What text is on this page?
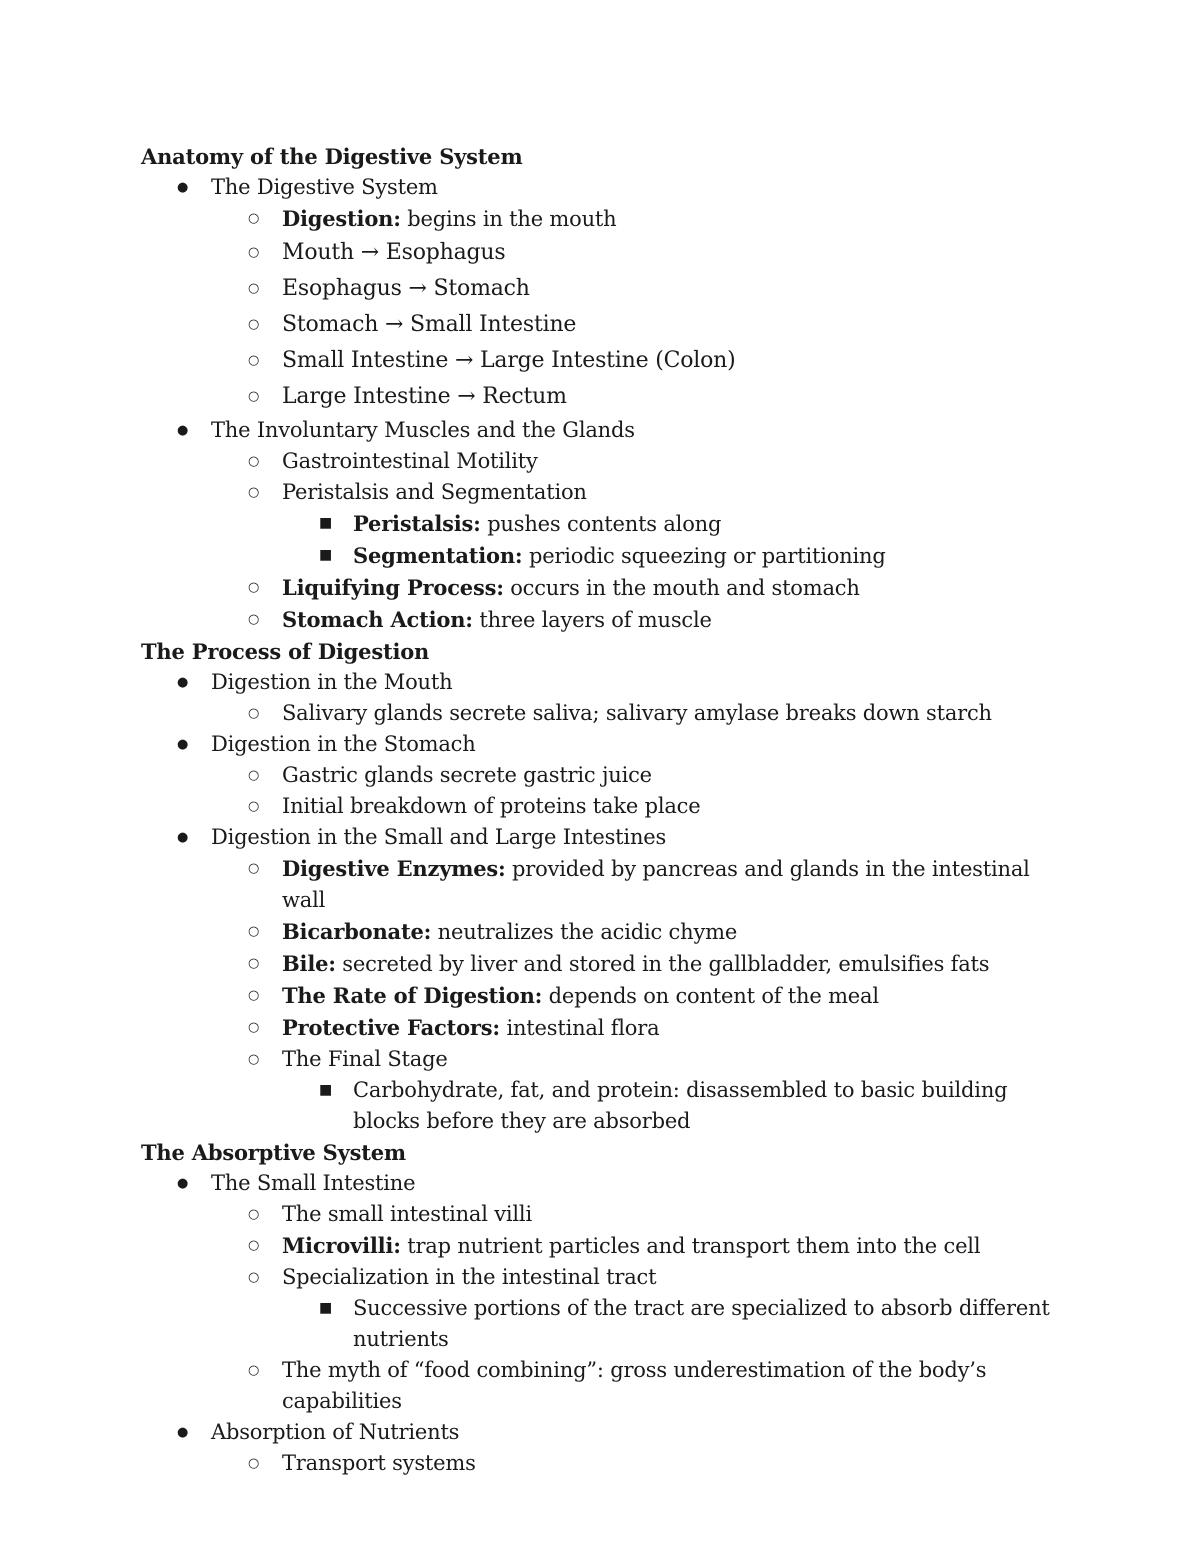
Anatomy of the Digestive System
● The Digestive System
○ Digestion: begins in the mouth
○ Mouth → Esophagus
○ Esophagus → Stomach
○ Stomach → Small Intestine
○ Small Intestine → Large Intestine (Colon)
○ Large Intestine → Rectum
● The Involuntary Muscles and the Glands
○ Gastrointestinal Motility
○ Peristalsis and Segmentation
■ Peristalsis: pushes contents along
■ Segmentation: periodic squeezing or partitioning
○ Liquifying Process: occurs in the mouth and stomach
○ Stomach Action: three layers of muscle
The Process of Digestion
● Digestion in the Mouth
○ Salivary glands secrete saliva; salivary amylase breaks down starch
● Digestion in the Stomach
○ Gastric glands secrete gastric juice
○ Initial breakdown of proteins take place
● Digestion in the Small and Large Intestines
○ Digestive Enzymes: provided by pancreas and glands in the intestinal wall
○ Bicarbonate: neutralizes the acidic chyme
○ Bile: secreted by liver and stored in the gallbladder, emulsifies fats
○ The Rate of Digestion: depends on content of the meal
○ Protective Factors: intestinal flora
○ The Final Stage
■ Carbohydrate, fat, and protein: disassembled to basic building blocks before they are absorbed
The Absorptive System
● The Small Intestine
○ The small intestinal villi
○ Microvilli: trap nutrient particles and transport them into the cell
○ Specialization in the intestinal tract
■ Successive portions of the tract are specialized to absorb different nutrients
○ The myth of “food combining”: gross underestimation of the body’s capabilities
● Absorption of Nutrients
○ Transport systems
